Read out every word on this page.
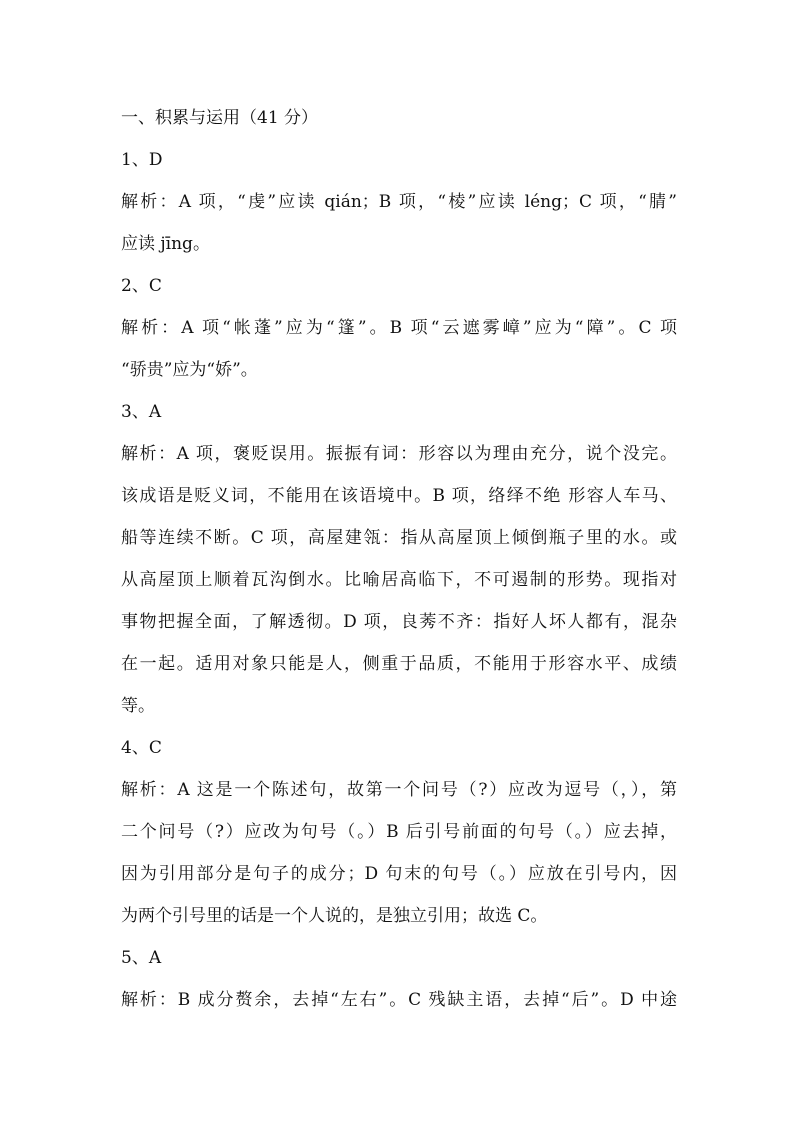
一、积累与运用（41 分）
1、D
解析：A 项，“虔”应读 qián；B 项，“棱”应读 léng；C 项，“腈”
应读 jīng。
2、C
解析：A 项“帐蓬”应为“篷”。B 项“云遮雾嶂”应为“障”。C 项
“骄贵”应为“娇”。
3、A
解析：A 项，褒贬误用。振振有词：形容以为理由充分，说个没完。
该成语是贬义词，不能用在该语境中。B 项，络绎不绝 形容人车马、
船等连续不断。C 项，高屋建瓴：指从高屋顶上倾倒瓶子里的水。或
从高屋顶上顺着瓦沟倒水。比喻居高临下，不可遏制的形势。现指对
事物把握全面，了解透彻。D 项，良莠不齐：指好人坏人都有，混杂
在一起。适用对象只能是人，侧重于品质，不能用于形容水平、成绩
等。
4、C
解析：A 这是一个陈述句，故第一个问号（?）应改为逗号（，），第
二个问号（?）应改为句号（。）B 后引号前面的句号（。）应去掉，
因为引用部分是句子的成分；D 句末的句号（。）应放在引号内，因
为两个引号里的话是一个人说的，是独立引用；故选 C。
5、A
解析：B 成分赘余，去掉“左右”。C 残缺主语，去掉“后”。D 中途
